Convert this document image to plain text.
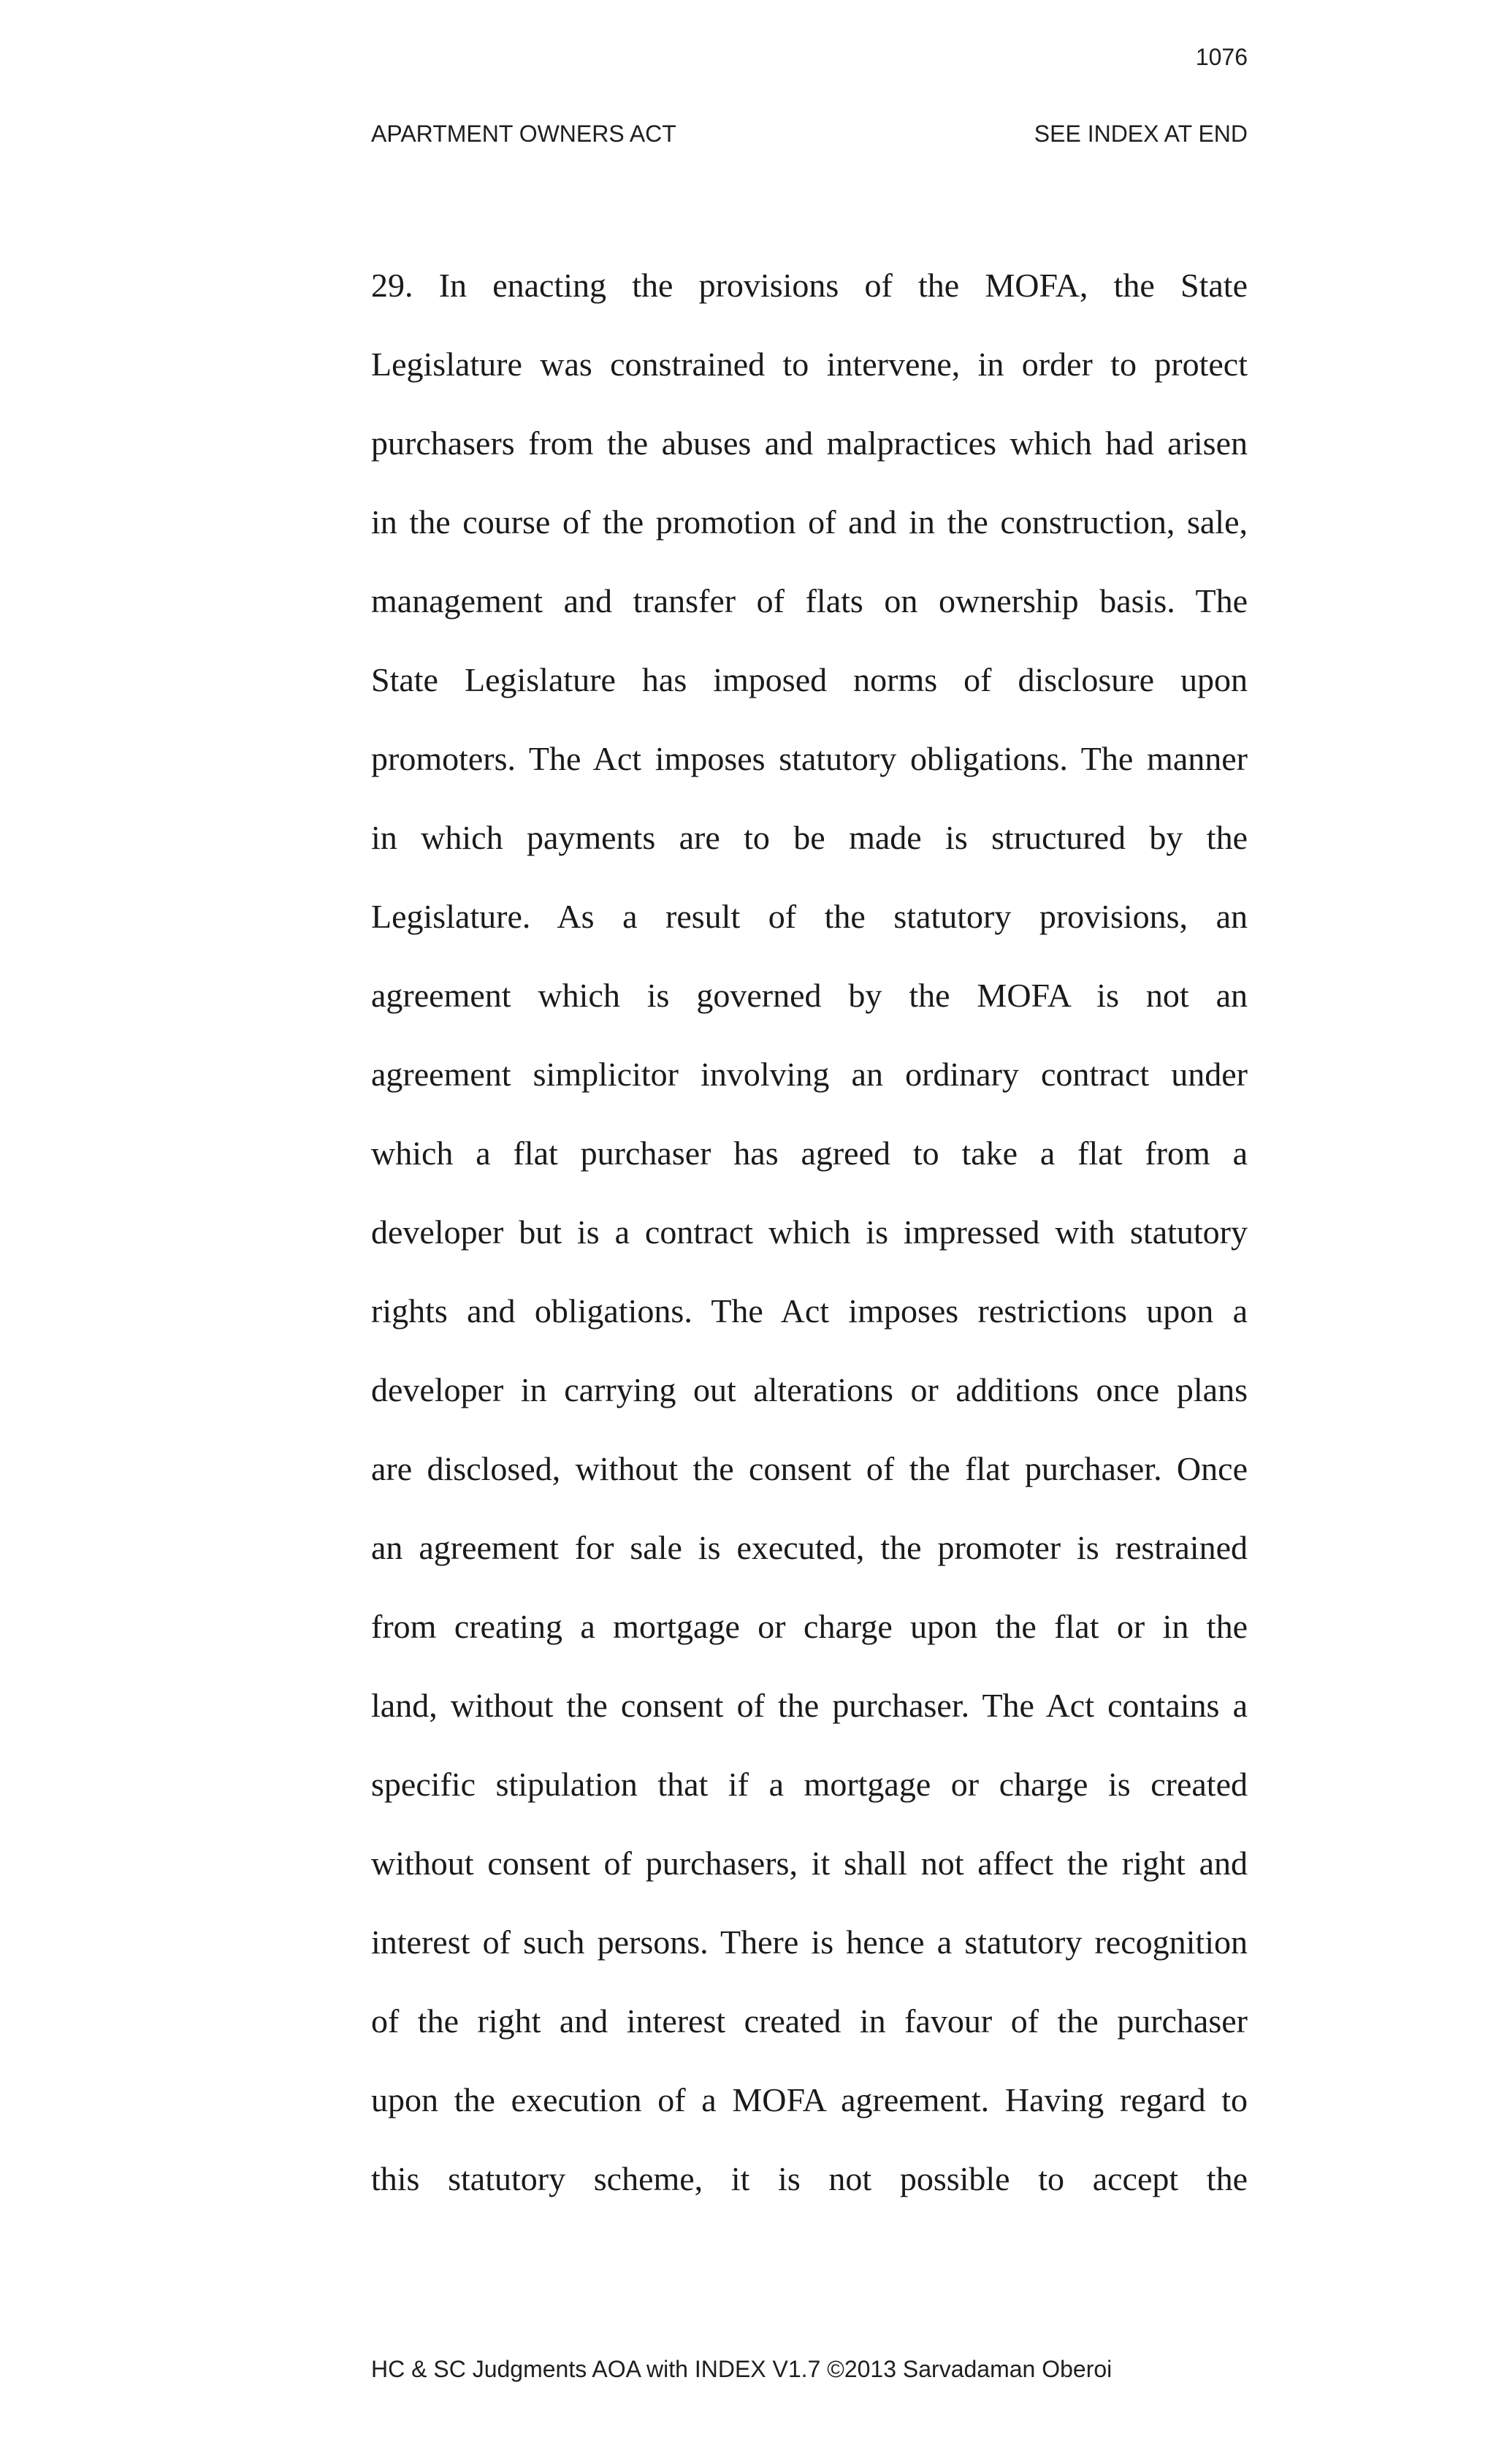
1076
APARTMENT OWNERS ACT	SEE INDEX AT END
29. In enacting the provisions of the MOFA, the State
Legislature was constrained to intervene, in order to protect
purchasers from the abuses and malpractices which had arisen
in the course of the promotion of and in the construction, sale,
management and transfer of flats on ownership basis. The
State Legislature has imposed norms of disclosure upon
promoters. The Act imposes statutory obligations. The manner
in which payments are to be made is structured by the
Legislature. As a result of the statutory provisions, an
agreement which is governed by the MOFA is not an
agreement simplicitor involving an ordinary contract under
which a flat purchaser has agreed to take a flat from a
developer but is a contract which is impressed with statutory
rights and obligations. The Act imposes restrictions upon a
developer in carrying out alterations or additions once plans
are disclosed, without the consent of the flat purchaser. Once
an agreement for sale is executed, the promoter is restrained
from creating a mortgage or charge upon the flat or in the
land, without the consent of the purchaser. The Act contains a
specific stipulation that if a mortgage or charge is created
without consent of purchasers, it shall not affect the right and
interest of such persons. There is hence a statutory recognition
of the right and interest created in favour of the purchaser
upon the execution of a MOFA agreement. Having regard to
this statutory scheme, it is not possible to accept the
HC & SC Judgments AOA with INDEX V1.7 ©2013 Sarvadaman Oberoi
